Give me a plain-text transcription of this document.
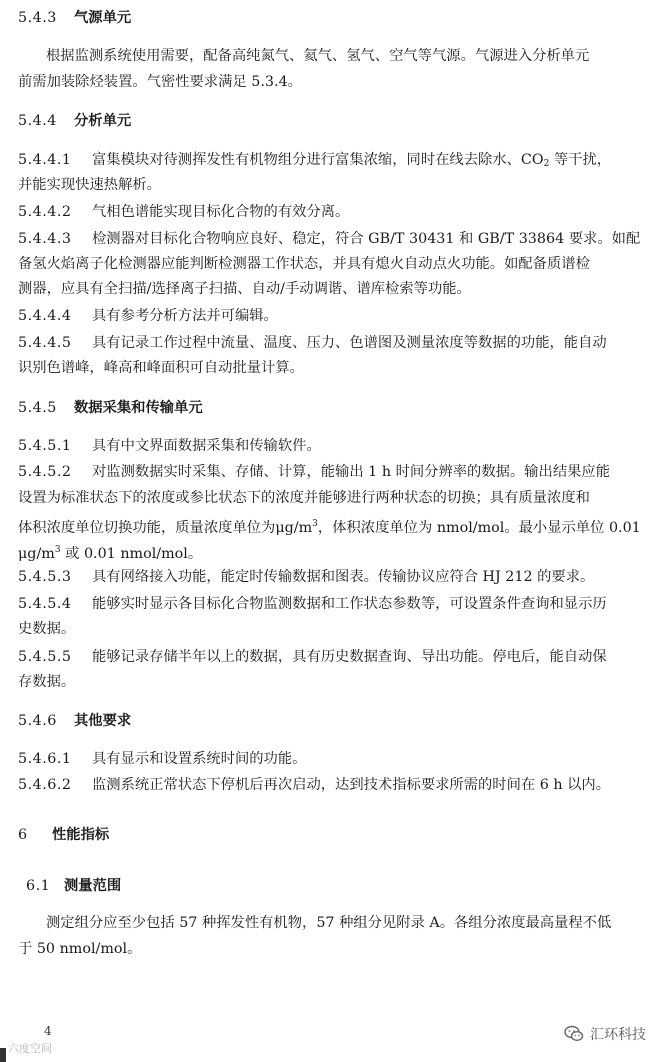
5.4.3 气源单元
根据监测系统使用需要，配备高纯氮气、氦气、氢气、空气等气源。气源进入分析单元
前需加装除烃装置。气密性要求满足 5.3.4。
5.4.4 分析单元
5.4.4.1 富集模块对待测挥发性有机物组分进行富集浓缩，同时在线去除水、$CO_2$ 等干扰，
并能实现快速热解析。
5.4.4.2 气相色谱能实现目标化合物的有效分离。
5.4.4.3 检测器对目标化合物响应良好、稳定，符合 GB/T 30431 和 GB/T 33864 要求。如配
备氢火焰离子化检测器应能判断检测器工作状态，并具有熄火自动点火功能。如配备质谱检
测器，应具有全扫描/选择离子扫描、自动/手动调谐、谱库检索等功能。
5.4.4.4 具有参考分析方法并可编辑。
5.4.4.5 具有记录工作过程中流量、温度、压力、色谱图及测量浓度等数据的功能，能自动
识别色谱峰，峰高和峰面积可自动批量计算。
5.4.5 数据采集和传输单元
5.4.5.1 具有中文界面数据采集和传输软件。
5.4.5.2 对监测数据实时采集、存储、计算，能输出 1 h 时间分辨率的数据。输出结果应能
设置为标准状态下的浓度或参比状态下的浓度并能够进行两种状态的切换；具有质量浓度和
体积浓度单位切换功能，质量浓度单位为$\mu g/m^3$，体积浓度单位为 nmol/mol。最小显示单位 0.01
$\mu g/m^3$ 或 0.01 nmol/mol。
5.4.5.3 具有网络接入功能，能定时传输数据和图表。传输协议应符合 HJ 212 的要求。
5.4.5.4 能够实时显示各目标化合物监测数据和工作状态参数等，可设置条件查询和显示历
史数据。
5.4.5.5 能够记录存储半年以上的数据，具有历史数据查询、导出功能。停电后，能自动保
存数据。
5.4.6 其他要求
5.4.6.1 具有显示和设置系统时间的功能。
5.4.6.2 监测系统正常状态下停机后再次启动，达到技术指标要求所需的时间在 6 h 以内。
6 性能指标
6.1 测量范围
测定组分应至少包括 57 种挥发性有机物，57 种组分见附录 A。各组分浓度最高量程不低
于 50 nmol/mol。
4
六度空间
汇环科技
